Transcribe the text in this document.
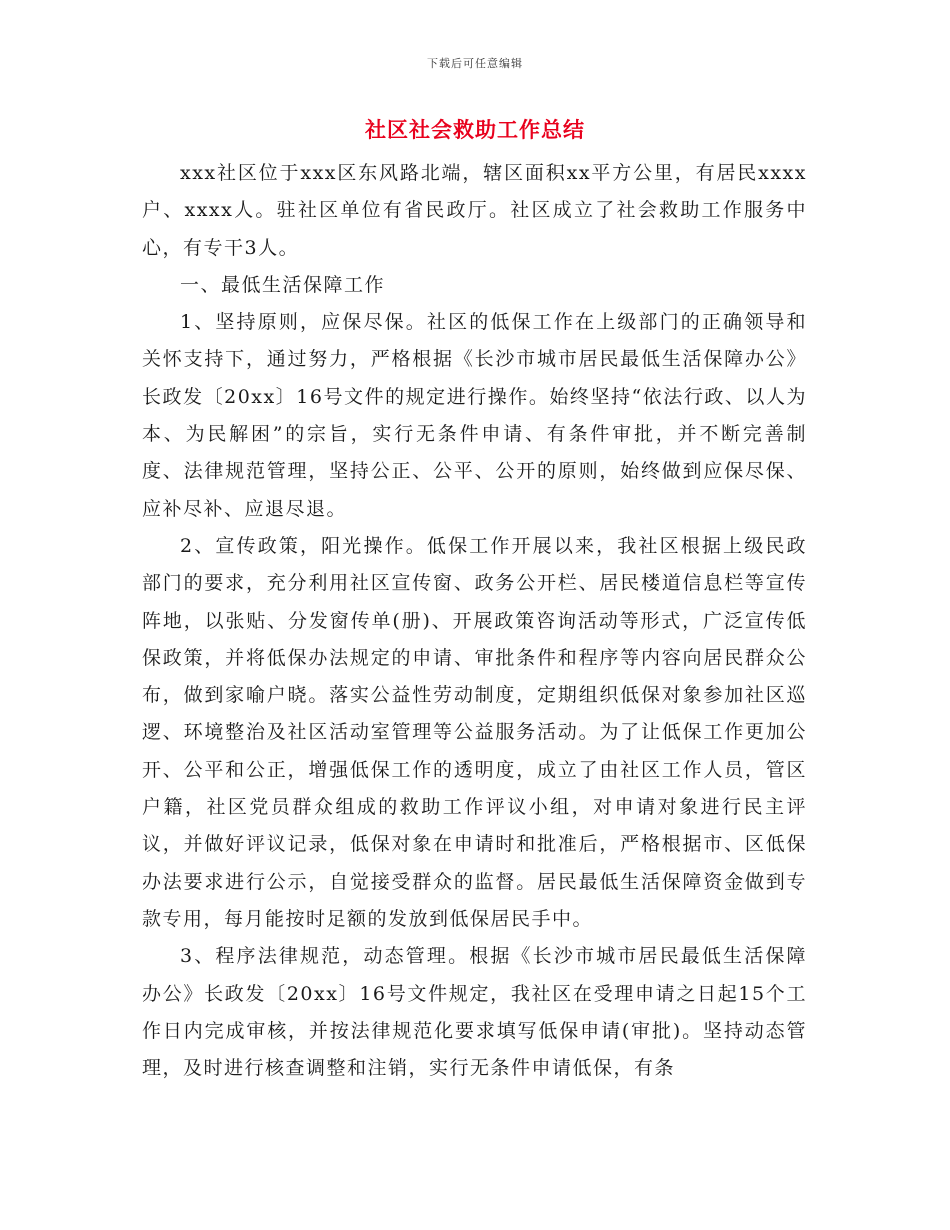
下载后可任意编辑
社区社会救助工作总结

xxx社区位于xxx区东风路北端，辖区面积xx平方公里，有居民xxxx户、xxxx人。驻社区单位有省民政厅。社区成立了社会救助工作服务中心，有专干3人。

一、最低生活保障工作

1、坚持原则，应保尽保。社区的低保工作在上级部门的正确领导和关怀支持下，通过努力，严格根据《长沙市城市居民最低生活保障办公》长政发〔20xx〕16号文件的规定进行操作。始终坚持“依法行政、以人为本、为民解困”的宗旨，实行无条件申请、有条件审批，并不断完善制度、法律规范管理，坚持公正、公平、公开的原则，始终做到应保尽保、应补尽补、应退尽退。

2、宣传政策，阳光操作。低保工作开展以来，我社区根据上级民政部门的要求，充分利用社区宣传窗、政务公开栏、居民楼道信息栏等宣传阵地，以张贴、分发窗传单(册)、开展政策咨询活动等形式，广泛宣传低保政策，并将低保办法规定的申请、审批条件和程序等内容向居民群众公布，做到家喻户晓。落实公益性劳动制度，定期组织低保对象参加社区巡逻、环境整治及社区活动室管理等公益服务活动。为了让低保工作更加公开、公平和公正，增强低保工作的透明度，成立了由社区工作人员，管区户籍，社区党员群众组成的救助工作评议小组，对申请对象进行民主评议，并做好评议记录，低保对象在申请时和批准后，严格根据市、区低保办法要求进行公示，自觉接受群众的监督。居民最低生活保障资金做到专款专用，每月能按时足额的发放到低保居民手中。

3、程序法律规范，动态管理。根据《长沙市城市居民最低生活保障办公》长政发〔20xx〕16号文件规定，我社区在受理申请之日起15个工作日内完成审核，并按法律规范化要求填写低保申请(审批)。坚持动态管理，及时进行核查调整和注销，实行无条件申请低保，有条
